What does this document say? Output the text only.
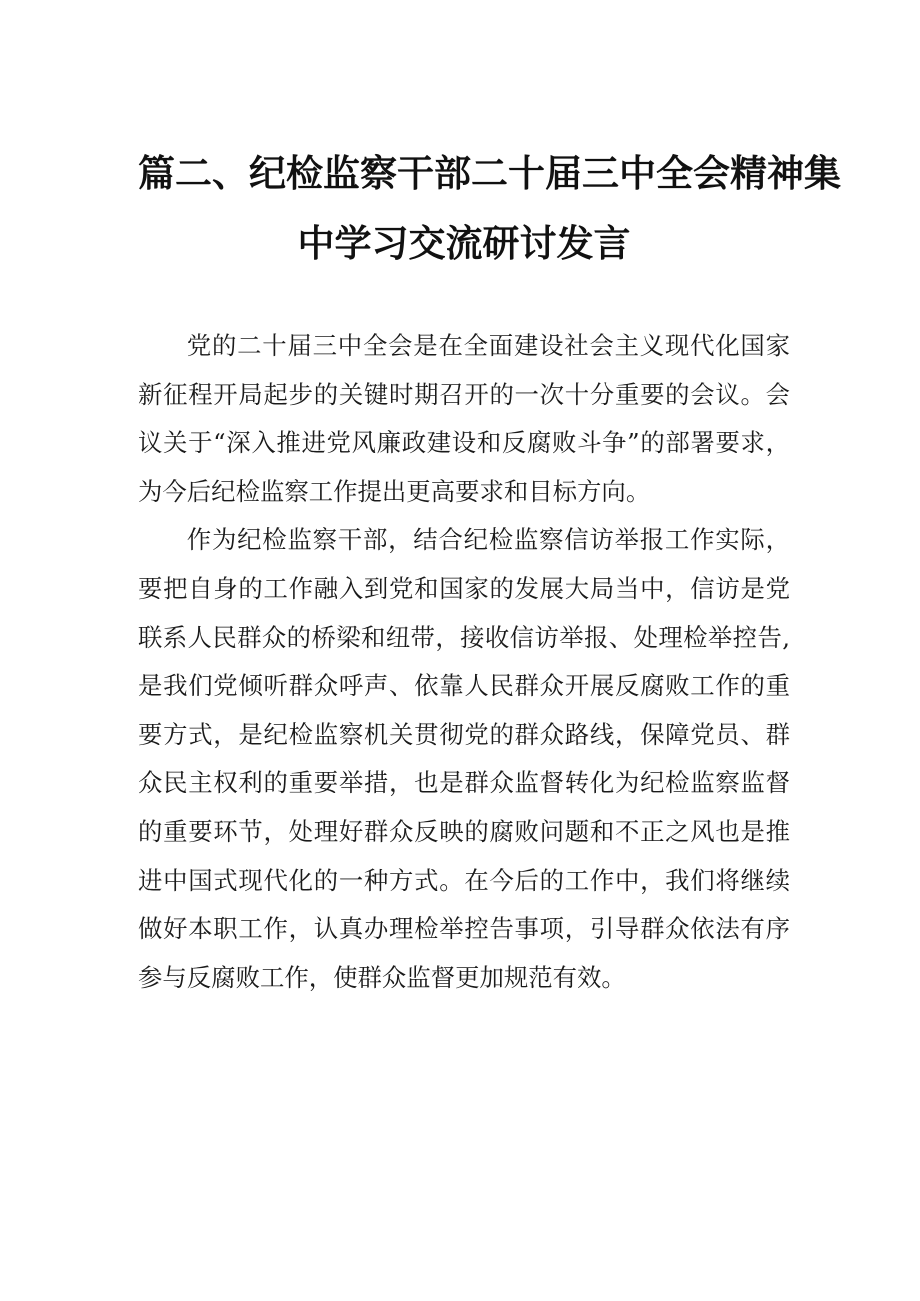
篇二、纪检监察干部二十届三中全会精神集
中学习交流研讨发言

党的二十届三中全会是在全面建设社会主义现代化国家新征程开局起步的关键时期召开的一次十分重要的会议。会议关于“深入推进党风廉政建设和反腐败斗争”的部署要求，为今后纪检监察工作提出更高要求和目标方向。

作为纪检监察干部，结合纪检监察信访举报工作实际，要把自身的工作融入到党和国家的发展大局当中，信访是党联系人民群众的桥梁和纽带，接收信访举报、处理检举控告,是我们党倾听群众呼声、依靠人民群众开展反腐败工作的重要方式，是纪检监察机关贯彻党的群众路线，保障党员、群众民主权利的重要举措，也是群众监督转化为纪检监察监督的重要环节，处理好群众反映的腐败问题和不正之风也是推进中国式现代化的一种方式。在今后的工作中，我们将继续做好本职工作，认真办理检举控告事项，引导群众依法有序参与反腐败工作，使群众监督更加规范有效。
